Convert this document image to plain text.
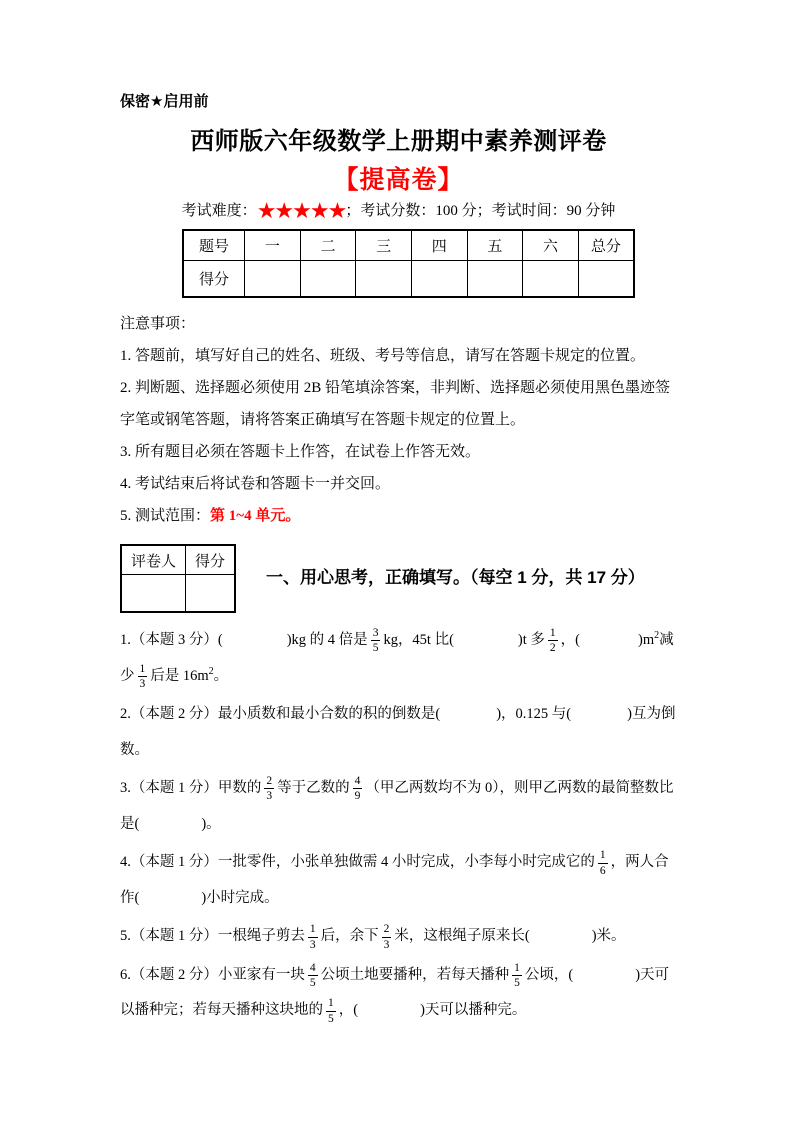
保密★启用前
西师版六年级数学上册期中素养测评卷
【提高卷】
考试难度：★★★★★；考试分数：100 分；考试时间：90 分钟
题号	一	二	三	四	五	六	总分
得分							

注意事项：

1. 答题前，填写好自己的姓名、班级、考号等信息，请写在答题卡规定的位置。

2. 判断题、选择题必须使用 2B 铅笔填涂答案，非判断、选择题必须使用黑色墨迹签字笔或钢笔答题，请将答案正确填写在答题卡规定的位置上。

3. 所有题目必须在答题卡上作答，在试卷上作答无效。

4. 考试结束后将试卷和答题卡一并交回。

5. 测试范围：第 1~4 单元。

评卷人	得分

一、用心思考，正确填写。（每空 1 分，共 17 分）

1.（本题 3 分）(	)kg 的 4 倍是 $\frac{3}{5}$ kg，45t 比(	)t 多 $\frac{1}{2}$ ，(	)$m^2$减少 $\frac{1}{3}$ 后是 $16m^2$。

2.（本题 2 分）最小质数和最小合数的积的倒数是(	)，0.125 与(	)互为倒数。

3.（本题 1 分）甲数的 $\frac{2}{3}$ 等于乙数的 $\frac{4}{9}$ （甲乙两数均不为 0），则甲乙两数的最简整数比是(	)。

4.（本题 1 分）一批零件，小张单独做需 4 小时完成，小李每小时完成它的 $\frac{1}{6}$ ，两人合作(	)小时完成。

5.（本题 1 分）一根绳子剪去 $\frac{1}{3}$ 后，余下 $\frac{2}{3}$ 米，这根绳子原来长(	)米。

6.（本题 2 分）小亚家有一块 $\frac{4}{5}$ 公顷土地要播种，若每天播种 $\frac{1}{5}$ 公顷，(	)天可以播种完；若每天播种这块地的 $\frac{1}{5}$ ，(	)天可以播种完。
